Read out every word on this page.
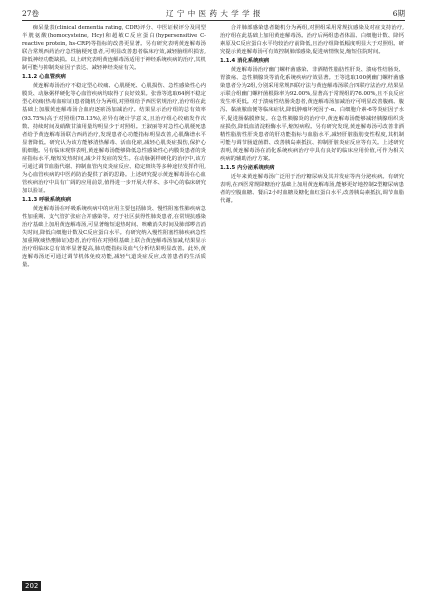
27卷	辽 宁 中 医 药 大 学 学 报	6期

痴呆量表(clinical dementia rating, CDR)评分、中医证候评分及同型半胱氨酸(homocysteine, Hcy)和超敏C反应蛋白(hypersensitive C-reactive protein, hs-CRP)等指标的改善更显著。另有研究表明黄连解毒汤联合常规西药治疗急性脑梗死患者,可明显改善患者临床疗效,减轻脑组织损害,降低神经功能缺损。以上研究表明黄连解毒汤适用于神经系统疾病的治疗,其机制可能与抑制炎症因子表达、减轻神经炎症有关。

1.1.2 心血管疾病

黄连解毒汤治疗不稳定型心绞痛、心肌梗死、心肌损伤、急性感染性心内膜炎、动脉粥样硬化等心血管疾病均取得了良好效果。张蓉等选取64例不稳定型心绞痛(热毒血瘀证)患者随机分为两组,对照组给予西医常规治疗,治疗组在此基础上加服黄连解毒汤合血府逐瘀汤加减治疗。结果显示治疗组的总有效率(93.75%)高于对照组(78.13%),差异有统计学意义,且治疗组心绞痛发作次数、持续时间及硝酸甘油用量均明显少于对照组。王淑丽等对急性心肌梗死患者给予黄连解毒汤联合西药治疗,发现患者心功能指标明显改善,心肌酶谱水平显著降低。研究认为该方能够清热解毒、活血化瘀,减轻心肌炎症损伤,保护心肌细胞。另有临床观察表明,黄连解毒汤能够降低急性感染性心内膜炎患者的炎症指标水平,缩短发热时间,减少并发症的发生。在动脉粥样硬化的治疗中,该方可通过调节血脂代谢、抑制血管内皮炎症反应、稳定斑块等多种途径发挥作用,为心血管疾病的中医药防治提供了新的思路。上述研究提示黄连解毒汤在心血管疾病治疗中具有广阔的应用前景,值得进一步开展大样本、多中心的临床研究加以验证。

1.1.3 呼吸系统疾病

黄连解毒汤在呼吸系统疾病中的应用主要包括肺炎、慢性阻塞性肺疾病急性加重期、支气管扩张症合并感染等。对于社区获得性肺炎患者,在常规抗感染治疗基础上加用黄连解毒汤,可显著缩短退热时间、咳嗽消失时间及肺部啰音消失时间,降低白细胞计数及C反应蛋白水平。有研究纳入慢性阻塞性肺疾病急性加重期(痰热壅肺证)患者,治疗组在对照组基础上联合黄连解毒汤加减,结果显示治疗组临床总有效率显著提高,肺功能指标及血气分析结果明显改善。此外,黄连解毒汤还可通过调节机体免疫功能,减轻气道炎症反应,改善患者的生活质量。

合并肺部感染患者随机分为两组,对照组采用常规抗感染及对症支持治疗,治疗组在此基础上加用黄连解毒汤。治疗后两组患者体温、白细胞计数、降钙素原及C反应蛋白水平均较治疗前降低,且治疗组降低幅度明显大于对照组。研究提示黄连解毒汤可有效控制肺部感染,促进病情恢复,缩短住院时间。

1.1.4 消化系统疾病

黄连解毒汤治疗幽门螺杆菌感染、非酒精性脂肪性肝炎、溃疡性结肠炎、胃溃疡、急性胰腺炎等消化系统疾病疗效显著。王等选取100例幽门螺杆菌感染患者分为2组,分别采用常规四联疗法与黄连解毒汤联合四联疗法治疗,结果显示联合组幽门螺杆菌根除率为92.00%,显著高于常规组的76.00%,且不良反应发生率更低。对于溃疡性结肠炎患者,黄连解毒汤加减治疗可明显改善腹痛、腹泻、黏液脓血便等临床症状,降低肿瘤坏死因子-α、白细胞介素-6等炎症因子水平,促进肠黏膜修复。在急性胰腺炎的治疗中,黄连解毒汤能够减轻胰腺组织炎症损伤,降低血清淀粉酶水平,缩短病程。另有研究发现,黄连解毒汤可改善非酒精性脂肪性肝炎患者的肝功能指标与血脂水平,减轻肝脏脂肪变性程度,其机制可能与调节肠道菌群、改善胰岛素抵抗、抑制肝脏炎症反应等有关。上述研究表明,黄连解毒汤在消化系统疾病治疗中具有良好的临床应用价值,可作为相关疾病的辅助治疗方案。

1.1.5 内分泌系统疾病

近年来黄连解毒汤广泛用于治疗糖尿病及其并发症等内分泌疾病。有研究表明,在西医常规降糖治疗基础上加用黄连解毒汤,能够更好地控制2型糖尿病患者的空腹血糖、餐后2小时血糖及糖化血红蛋白水平,改善胰岛素抵抗,调节血脂代谢。

202
